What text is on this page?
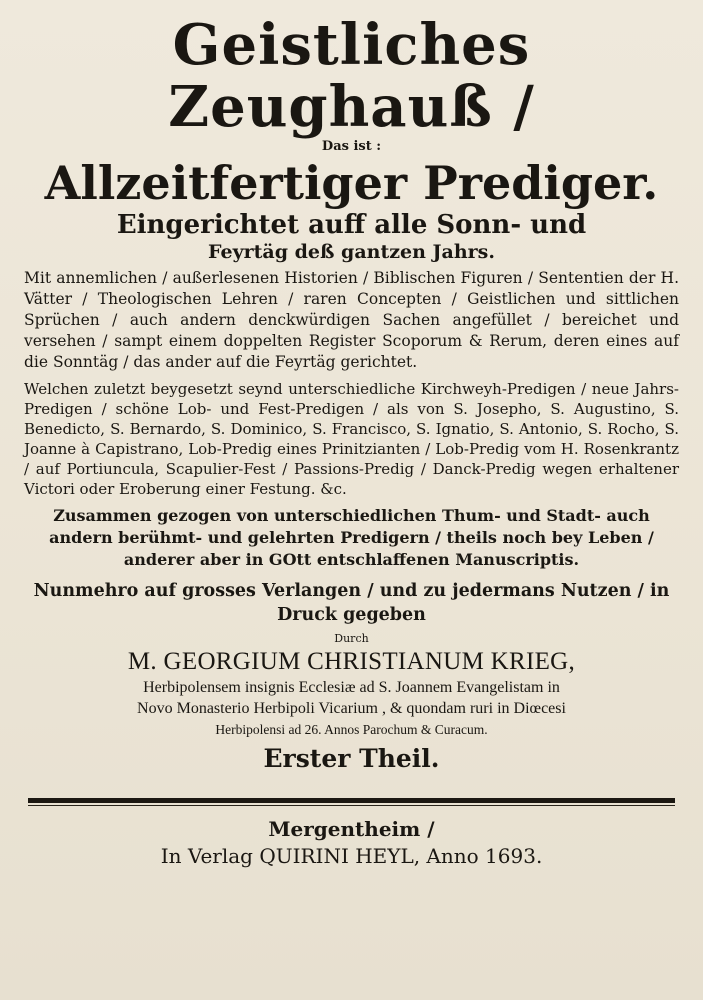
Geistliches Zeughauß /

Das ist :

Allzeitfertiger Prediger.

Eingerichtet auff alle Sonn- und

Feyrtäg deß gantzen Jahrs.

Mit annemlichen / außerlesenen Historien / Biblischen Figuren / Sententien der H. Vätter / Theologischen Lehren / raren Concepten / Geistlichen und sittlichen Sprüchen / auch andern denckwürdigen Sachen angefüllet / bereichet und versehen / sampt einem doppelten Register Scoporum & Rerum, deren eines auf die Sonntäg / das ander auf die Feyrtäg gerichtet.

Welchen zuletzt beygesetzt seynd unterschiedliche Kirchweyh-Predigen / neue Jahrs-Predigen / schöne Lob- und Fest-Predigen / als von S. Josepho, S. Augustino, S. Benedicto, S. Bernardo, S. Dominico, S. Francisco, S. Ignatio, S. Antonio, S. Rocho, S. Joanne à Capistrano, Lob-Predig eines Prinitzianten / Lob-Predig vom H. Rosenkrantz / auf Portiuncula, Scapulier-Fest / Passions-Predig / Danck-Predig wegen erhaltener Victori oder Eroberung einer Festung. &c.

Zusammen gezogen von unterschiedlichen Thum- und Stadt- auch andern berühmt- und gelehrten Predigern / theils noch bey Leben / anderer aber in GOtt entschlaffenen Manuscriptis.

Nunmehro auf grosses Verlangen / und zu jedermans Nutzen / in Druck gegeben

Durch

M. GEORGIUM CHRISTIANUM KRIEG,

Herbipolensem insignis Ecclesiæ ad S. Joannem Evangelistam in

Novo Monasterio Herbipoli Vicarium , & quondam ruri in Diœcesi

Herbipolensi ad 26. Annos Parochum & Curacum.

Erster Theil.

Mergentheim /

In Verlag QUIRINI HEYL, Anno 1693.
